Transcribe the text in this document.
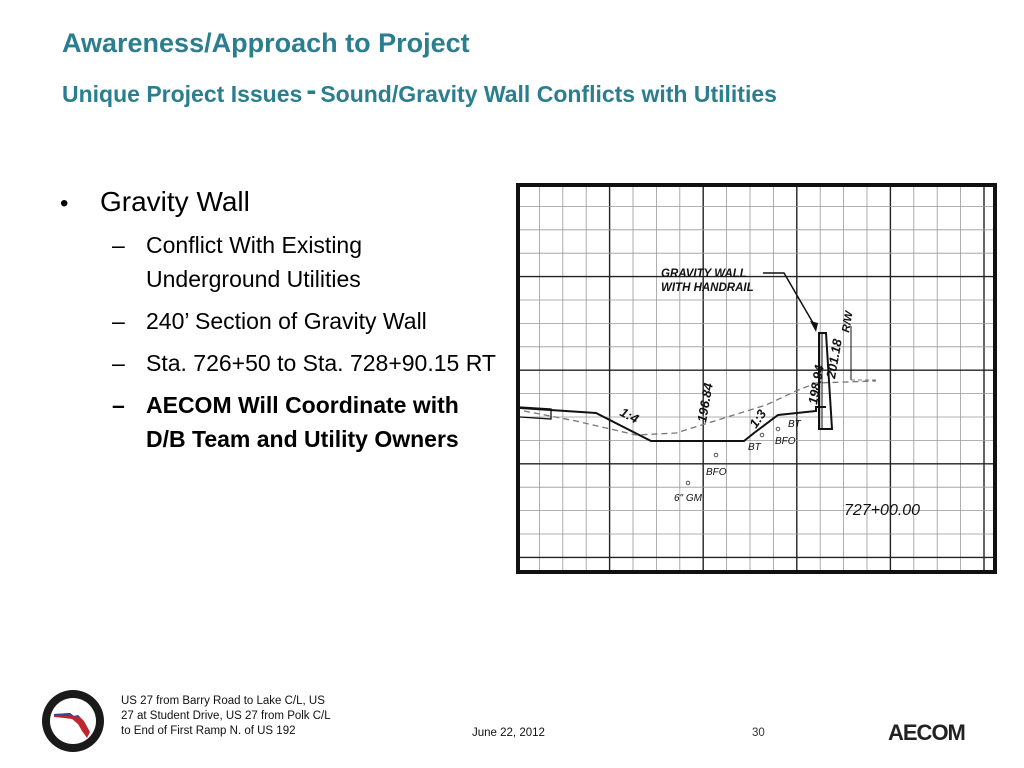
Awareness/Approach to Project
Unique Project Issues - Sound/Gravity Wall Conflicts with Utilities
•	Gravity Wall
– Conflict With Existing Underground Utilities
– 240’ Section of Gravity Wall
– Sta. 726+50 to Sta. 728+90.15 RT
– AECOM Will Coordinate with D/B Team and Utility Owners
GRAVITY WALL
WITH HANDRAIL
1:4	1:3
196.84	198.94
201.18
R/W
BT
BT
BFO
BFO
6" GM
727+00.00
US 27 from Barry Road to Lake C/L, US 27 at Student Drive, US 27 from Polk C/L to End of First Ramp N. of US 192	June 22, 2012	30	AECOM
